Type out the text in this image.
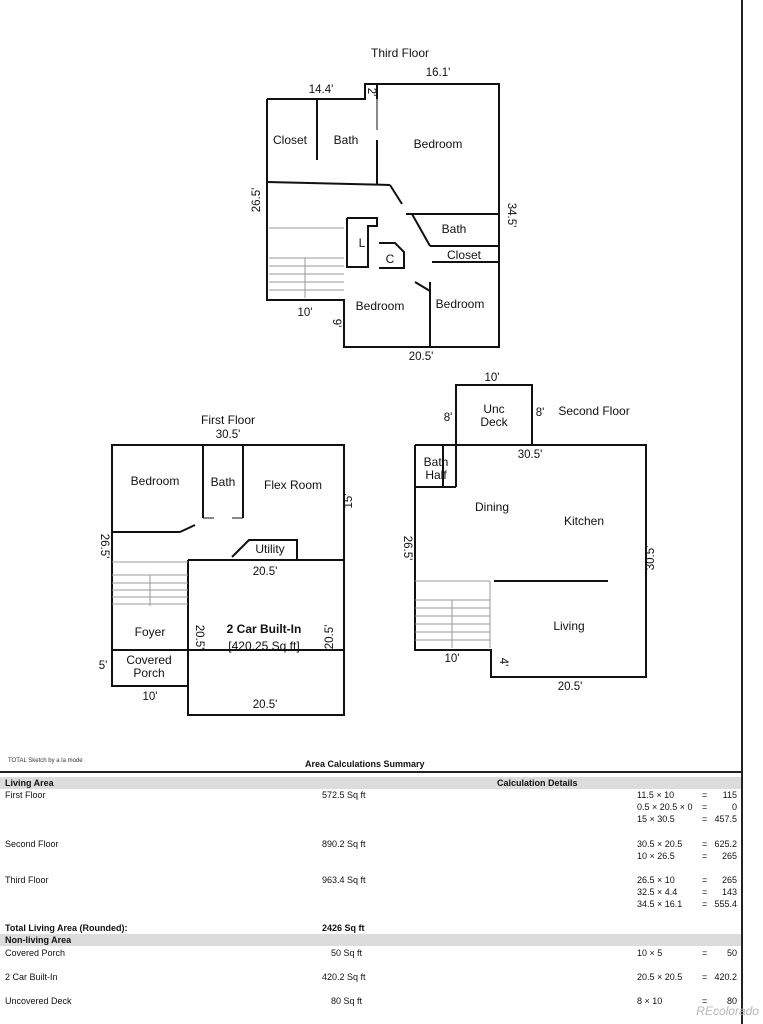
Third Floor
Closet Bath	Bedroom
Bath
Closet
L
C
Bedroom	Bedroom
14.4'	2'
16.1'
26.5'
34.5'
10'
9'
20.5'
First Floor
Bedroom	Bath Flex Room
Utility
Foyer
Covered
Porch
2 Car Built-In
[420.25 Sq ft]
30.5'
26.5'
15'
20.5'
20.5'	20.5'
5'
10'
20.5'
Second Floor
Unc
Deck
Bath
Half
Dining
Kitchen
Living
10'
8'	8'
30.5'
26.5'	30.5'
10'	4'
20.5'
TOTAL Sketch by a la mode	Area Calculations Summary
Living Area	Calculation Details
First Floor	572.5 Sq ft	11.5 × 10	=	115
0.5 × 20.5 × 0 =	0
15 × 30.5	= 457.5
Second Floor	890.2 Sq ft	30.5 × 20.5 = 625.2
10 × 26.5	=	265
Third Floor	963.4 Sq ft	26.5 × 10	=	265
32.5 × 4.4	=	143
34.5 × 16.1 = 555.4
Total Living Area (Rounded):	2426 Sq ft
Non-living Area
Covered Porch	50 Sq ft	10 × 5	=	50
2 Car Built-In	420.2 Sq ft	20.5 × 20.5 = 420.2
Uncovered Deck	80 Sq ft	8 × 10	=	80
REcolorado
